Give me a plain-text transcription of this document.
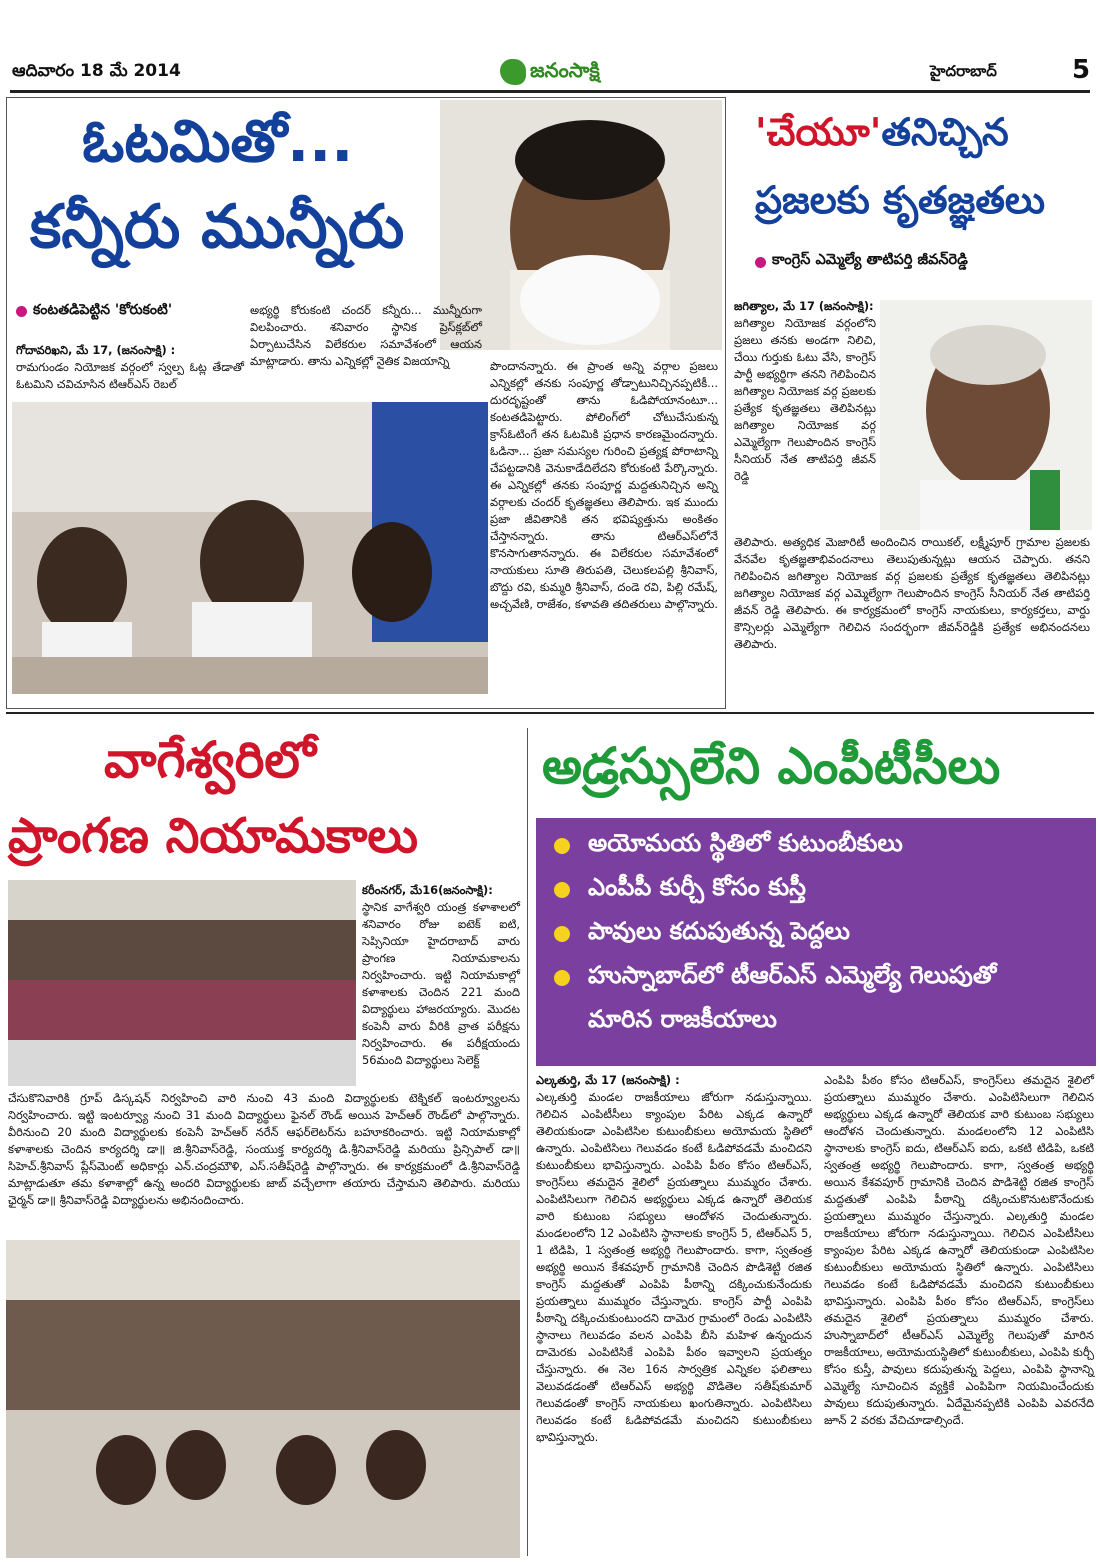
ఆదివారం 18 మే 2014	జనంసాక్షి	హైదరాబాద్	5
ఓటమితో...
కన్నీరు మున్నీరు
కంటతడిపెట్టిన 'కోరుకంటి'

గోదావరిఖని, మే 17, (జనంసాక్షి) :

రామగుండం నియోజక వర్గంలో స్వల్ప ఓట్ల తేడాతో ఓటమిని చవిచూసిన టిఆర్ఎస్ రెబల్

అభ్యర్థి కోరుకంటి చందర్ కన్నీరు... మున్నీరుగా విలపించారు. శనివారం స్థానిక ప్రెస్‌క్లబ్‌లో ఏర్పాటుచేసిన విలేకరుల సమావేశంలో ఆయన మాట్లాడారు. తాను ఎన్నికల్లో నైతిక విజయాన్ని	పొందానన్నారు. ఈ ప్రాంత అన్ని వర్గాల ప్రజలు ఎన్నికల్లో తనకు సంపూర్ణ తోడ్పాటునిచ్చినప్పటికీ... దురదృష్టంతో తాను ఓడిపోయానంటూ... కంటతడిపెట్టారు. పోలింగ్‌లో చోటుచేసుకున్న క్రాస్‌ఓటింగే తన ఓటమికి ప్రధాన కారణమైందన్నారు. ఓడినా... ప్రజా సమస్యల గురించి ప్రత్యక్ష పోరాటాన్ని చేపట్టడానికి వెనుకాడేదిలేదని కోరుకంటి పేర్కొన్నారు. ఈ ఎన్నికల్లో తనకు సంపూర్ణ మద్దతునిచ్చిన అన్ని వర్గాలకు చందర్ కృతజ్ఞతలు తెలిపారు. ఇక ముందు ప్రజా జీవితానికి తన భవిష్యత్తును అంకితం చేస్తానన్నారు. తాను టిఆర్ఎస్‌లోనే కొనసాగుతానన్నారు. ఈ విలేకరుల సమావేశంలో నాయకులు సూతి తిరుపతి, చెలుకలపల్లి శ్రీనివాస్, బొద్దు రవి, కుమ్మరి శ్రీనివాస్, దండె రవి, పిల్లి రమేష్, అచ్చవేణి, రాజేశం, కళావతి తదితరులు పాల్గొన్నారు.

'చేయూ'తనిచ్చిన
ప్రజలకు కృతజ్ఞతలు
కాంగ్రెస్ ఎమ్మెల్యే తాటిపర్తి జీవన్‌రెడ్డి

జగిత్యాల, మే 17 (జనంసాక్షి):

జగిత్యాల నియోజక వర్గంలోని ప్రజలు తనకు అండగా నిలిచి, చేయి గుర్తుకు ఓటు వేసి, కాంగ్రెస్ పార్టీ అభ్యర్థిగా తనని గెలిపించిన జగిత్యాల నియోజక వర్గ ప్రజలకు ప్రత్యేక కృతజ్ఞతలు తెలిపినట్లు జగిత్యాల నియోజక వర్గ ఎమ్మెల్యేగా గెలుపొందిన కాంగ్రెస్ సీనియర్ నేత తాటిపర్తి జీవన్ రెడ్డి

తెలిపారు. అత్యధిక మెజారిటీ అందించిన రాయికల్, లక్ష్మీపూర్ గ్రామాల ప్రజలకు వేనవేల కృతజ్ఞతాభివందనాలు తెలుపుతున్నట్లు ఆయన చెప్పారు. తనని గెలిపించిన జగిత్యాల నియోజక వర్గ ప్రజలకు ప్రత్యేక కృతజ్ఞతలు తెలిపినట్లు జగిత్యాల నియోజక వర్గ ఎమ్మెల్యేగా గెలుపొందిన కాంగ్రెస్ సీనియర్ నేత తాటిపర్తి జీవన్ రెడ్డి తెలిపారు. ఈ కార్యక్రమంలో కాంగ్రెస్ నాయకులు, కార్యకర్తలు, వార్డు కౌన్సిలర్లు ఎమ్మెల్యేగా గెలిచిన సందర్భంగా జీవన్‌రెడ్డికి ప్రత్యేక అభినందనలు తెలిపారు.

వాగేశ్వరిలో
ప్రాంగణ నియామకాలు

కరీంనగర్, మే16(జనంసాక్షి):

స్థానిక వాగేశ్వరి యంత్ర కళాశాలలో శనివారం రోజు ఐటెక్ ఐటి, సెప్సినియా హైదరాబాద్ వారు ప్రాంగణ నియామకాలను నిర్వహించారు. ఇట్టి నియామకాల్లో కళాశాలకు చెందిన 221 మంది విద్యార్థులు హాజరయ్యారు. మొదట కంపెనీ వారు వీరికి వ్రాత పరీక్షను నిర్వహించారు. ఈ పరీక్షయందు 56మంది విద్యార్థులు సెలెక్ట్

చేసుకొనివారికి గ్రూప్ డిస్కషన్ నిర్వహించి వారి నుంచి 43 మంది విద్యార్థులకు టెక్నికల్ ఇంటర్వ్యూలను నిర్వహించారు. ఇట్టి ఇంటర్వ్యూ నుంచి 31 మంది విద్యార్థులు ఫైనల్ రౌండ్ అయిన హెచ్ఆర్ రౌండ్‌లో పాల్గొన్నారు. వీరినుంచి 20 మంది విద్యార్థులకు కంపెనీ హెచ్ఆర్ నరేన్ ఆఫర్‌లెటర్‌ను బహూకరించారు. ఇట్టి నియామకాల్లో కళాశాలకు చెందిన కార్యదర్శి డా॥ జి.శ్రీనివాస్‌రెడ్డి, సంయుక్త కార్యదర్శి డి.శ్రీనివాస్‌రెడ్డి మరియు ప్రిన్సిపాల్ డా॥సిహెచ్.శ్రీనివాస్ ప్లేస్‌మెంట్ అధికార్లు ఎన్.చంద్రమౌళి, ఎస్.సతీష్‌రెడ్డి పాల్గొన్నారు. ఈ కార్యక్రమంలో డి.శ్రీనివాస్‌రెడ్డి మాట్లాడుతూ తమ కళాశాల్లో ఉన్న అందరి విద్యార్థులకు జాబ్ వచ్చేలాగా తయారు చేస్తామని తెలిపారు. మరియు ఛైర్మన్ డా॥ శ్రీనివాస్‌రెడ్డి విద్యార్థులను అభినందించారు.

అడ్రస్సులేని ఎంపీటీసీలు
అయోమయ స్థితిలో కుటుంబీకులు
ఎంపీపీ కుర్చీ కోసం కుస్తీ
పావులు కదుపుతున్న పెద్దలు
హుస్నాబాద్‌లో టీఆర్ఎస్ ఎమ్మెల్యే గెలుపుతో
మారిన రాజకీయాలు

ఎల్కతుర్తి, మే 17 (జనంసాక్షి) :

ఎల్కతుర్తి మండల రాజకీయాలు జోరుగా నడుస్తున్నాయి. గెలిచిన ఎంపిటీసీలు క్యాంపుల పేరిట ఎక్కడ ఉన్నారో తెలియకుండా ఎంపిటిసిల కుటుంబీకులు అయోమయ స్థితిలో ఉన్నారు. ఎంపిటిసిలు గెలువడం కంటే ఓడిపోవడమే మంచిదని కుటుంబీకులు భావిస్తున్నారు. ఎంపిపి పీఠం కోసం టిఆర్ఎస్, కాంగ్రెస్‌లు తమదైన శైలిలో ప్రయత్నాలు ముమ్మరం చేశారు. ఎంపిటిసిలుగా గెలిచిన అభ్యర్థులు ఎక్కడ ఉన్నారో తెలియక వారి కుటుంబ సభ్యులు ఆందోళన చెందుతున్నారు. మండలంలోని 12 ఎంపిటిసి స్థానాలకు కాంగ్రెస్ 5, టిఆర్ఎస్ 5, 1 టిడిపి, 1 స్వతంత్ర అభ్యర్థి గెలుపొందారు. కాగా, స్వతంత్ర అభ్యర్థి అయిన కేశవపూర్ గ్రామానికి చెందిన పొడిశెట్టి రజిత కాంగ్రెస్ మద్దతుతో ఎంపిపి పీఠాన్ని దక్కించుకునేందుకు ప్రయత్నాలు ముమ్మరం చేస్తున్నారు. కాంగ్రెస్ పార్టీ ఎంపిపి పీఠాన్ని దక్కించుకుంటుందని దామెర గ్రామంలో రెండు ఎంపిటిసి స్థానాలు గెలువడం వలన ఎంపిపి బీసి మహిళ ఉన్నందున దామెరకు ఎంపిటిసికే ఎంపిపి పీఠం ఇవ్వాలని ప్రయత్నం చేస్తున్నారు. ఈ నెల 16న సార్వత్రిక ఎన్నికల ఫలితాలు వెలువడడంతో టిఆర్ఎస్ అభ్యర్థి వొడితెల సతీష్‌కుమార్ గెలువడంతో కాంగ్రెస్ నాయకులు ఖంగుతిన్నారు. ఎంపిటిసిలు గెలువడం కంటే ఓడిపోవడమే మంచిదని కుటుంబీకులు భావిస్తున్నారు.

ఎంపిపి పీఠం కోసం టిఆర్ఎస్, కాంగ్రెస్‌లు తమదైన శైలిలో ప్రయత్నాలు ముమ్మరం చేశారు. ఎంపిటిసిలుగా గెలిచిన అభ్యర్థులు ఎక్కడ ఉన్నారో తెలియక వారి కుటుంబ సభ్యులు ఆందోళన చెందుతున్నారు. మండలంలోని 12 ఎంపిటిసి స్థానాలకు కాంగ్రెస్ ఐదు, టిఆర్ఎస్ ఐదు, ఒకటి టిడిపి, ఒకటి స్వతంత్ర అభ్యర్థి గెలుపొందారు. కాగా, స్వతంత్ర అభ్యర్థి అయిన కేశవపూర్ గ్రామానికి చెందిన పొడిశెట్టి రజిత కాంగ్రెస్ మద్దతుతో ఎంపిపి పీఠాన్ని దక్కించుకొనుటకొనేందుకు ప్రయత్నాలు ముమ్మరం చేస్తున్నారు. ఎల్కతుర్తి మండల రాజకీయాలు జోరుగా నడుస్తున్నాయి. గెలిచిన ఎంపిటీసిలు క్యాంపుల పేరిట ఎక్కడ ఉన్నారో తెలియకుండా ఎంపిటిసిల కుటుంబీకులు అయోమయ స్థితిలో ఉన్నారు. ఎంపిటిసిలు గెలువడం కంటే ఓడిపోవడమే మంచిదని కుటుంబీకులు భావిస్తున్నారు. ఎంపిపి పీఠం కోసం టిఆర్ఎస్, కాంగ్రెస్‌లు తమదైన శైలిలో ప్రయత్నాలు ముమ్మరం చేశారు. హుస్నాబాద్‌లో టీఆర్ఎస్ ఎమ్మెల్యే గెలుపుతో మారిన రాజకీయాలు, అయోమయస్థితిలో కుటుంబీకులు, ఎంపిపి కుర్చీ కోసం కుస్తీ, పావులు కదుపుతున్న పెద్దలు, ఎంపిపి స్థానాన్ని ఎమ్మెల్యే సూచించిన వ్యక్తికే ఎంపిపిగా నియమించేందుకు పావులు కదుపుతున్నారు. ఏదేమైనప్పటికి ఎంపిపి ఎవరనేది జూన్ 2 వరకు వేచిచూడాల్సిందే.
